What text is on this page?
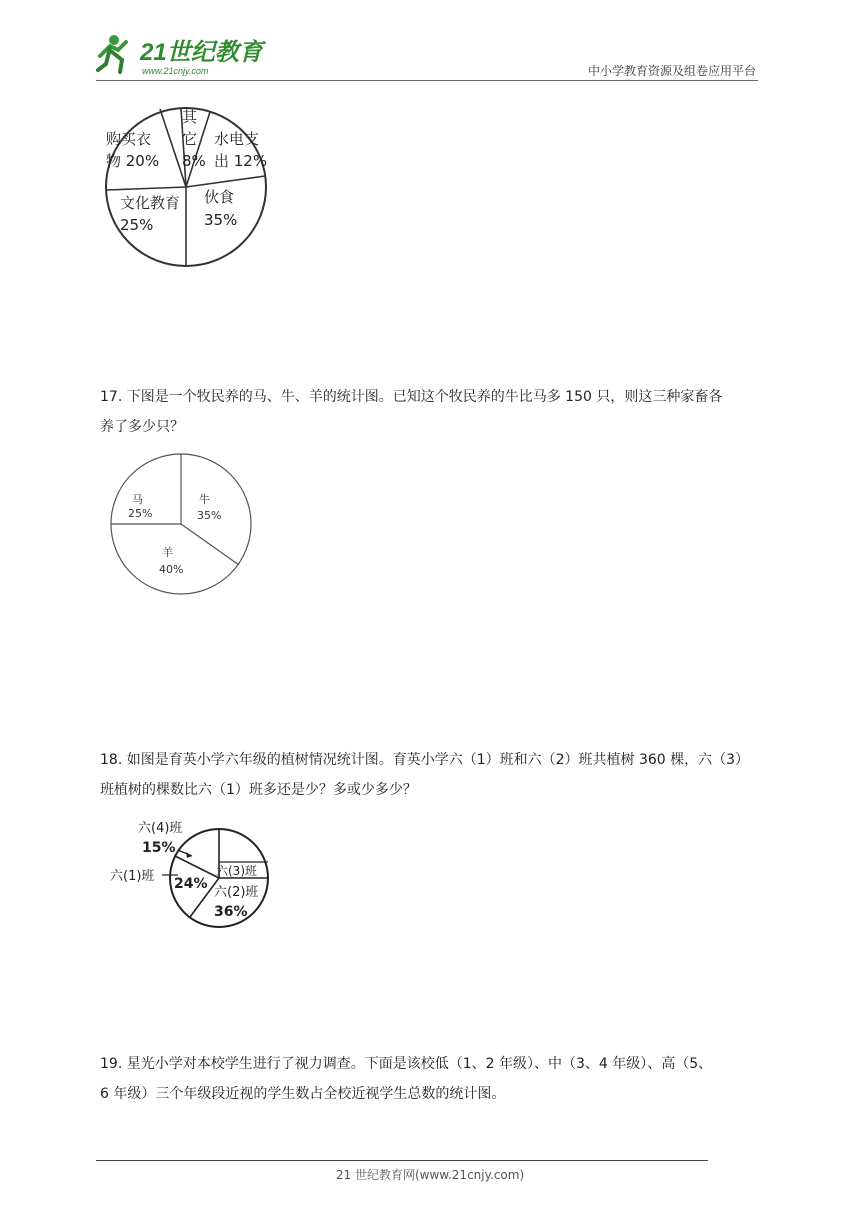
21世纪教育
www.21cnjy.com	中小学教育资源及组卷应用平台
购买衣
物 20%
其
它
8%
水电支
出 12%
伙食
35%
文化教育
25%
17. 下图是一个牧民养的马、牛、羊的统计图。已知这个牧民养的牛比马多 150 只，则这三种家畜各
养了多少只？
马
25%
牛
35%
羊
40%
18. 如图是育英小学六年级的植树情况统计图。育英小学六（1）班和六（2）班共植树 360 棵，六（3）
班植树的棵数比六（1）班多还是少？多或少多少？
六(4)班
15%
六(1)班 24%
六(3)班
六(2)班
36%
19. 星光小学对本校学生进行了视力调查。下面是该校低（1、2 年级）、中（3、4 年级）、高（5、
6 年级）三个年级段近视的学生数占全校近视学生总数的统计图。
21 世纪教育网(www.21cnjy.com)
